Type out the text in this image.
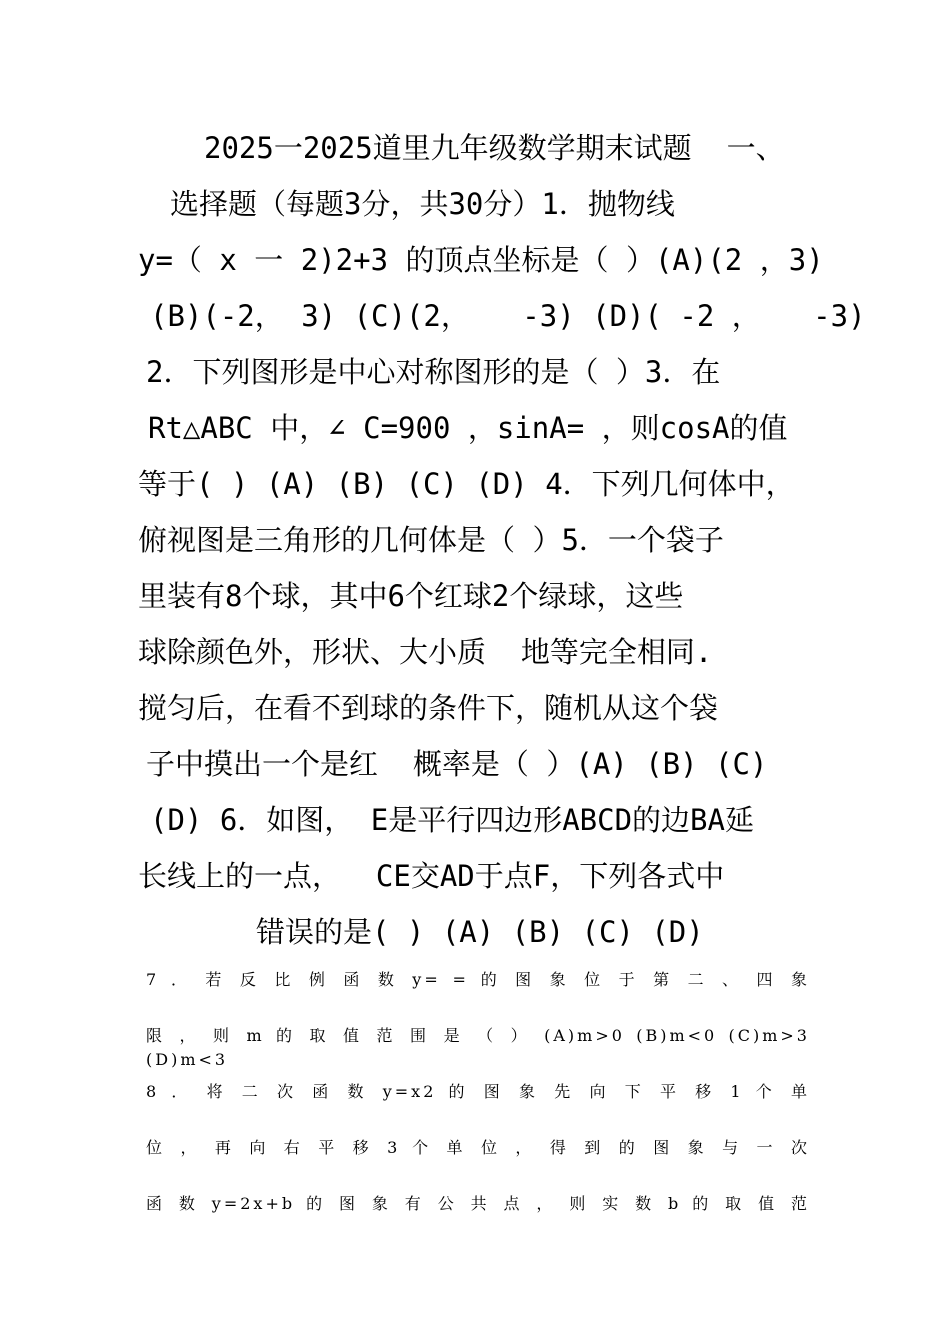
2025一2025道里九年级数学期末试题  一、
选择题（每题3分，共30分）1．抛物线
y=（ x 一 2)2+3 的顶点坐标是（ ）(A)(2 ，3)
(B)(-2， 3) (C)(2，   -3) (D)( -2 ，   -3)
2．下列图形是中心对称图形的是（ ）3．在
Rt△ABC 中，∠ C=900 ，sinA= ，则cosA的值
等于( ) (A) (B) (C) (D) 4．下列几何体中，
俯视图是三角形的几何体是（ ）5．一个袋子
里装有8个球，其中6个红球2个绿球，这些
球除颜色外，形状、大小质  地等完全相同.
搅匀后，在看不到球的条件下，随机从这个袋
子中摸出一个是红  概率是（ ）(A) (B) (C)
(D) 6．如图， E是平行四边形ABCD的边BA延
长线上的一点，  CE交AD于点F，下列各式中
错误的是( ) (A) (B) (C) (D)
7 ． 若 反 比 例 函 数 y= = 的 图 象 位 于 第 二 、 四 象
限 ， 则 m 的 取 值 范 围 是 （ ） (A)m>0 (B)m<0 (C)m>3 (D)m<3
8 ． 将 二 次 函 数 y=x2 的 图 象 先 向 下 平 移 1 个 单
位 ， 再 向 右 平 移 3 个 单 位 ， 得 到 的 图 象 与 一 次
函 数 y=2x+b 的 图 象 有 公 共 点 ， 则 实 数 b 的 取 值 范
